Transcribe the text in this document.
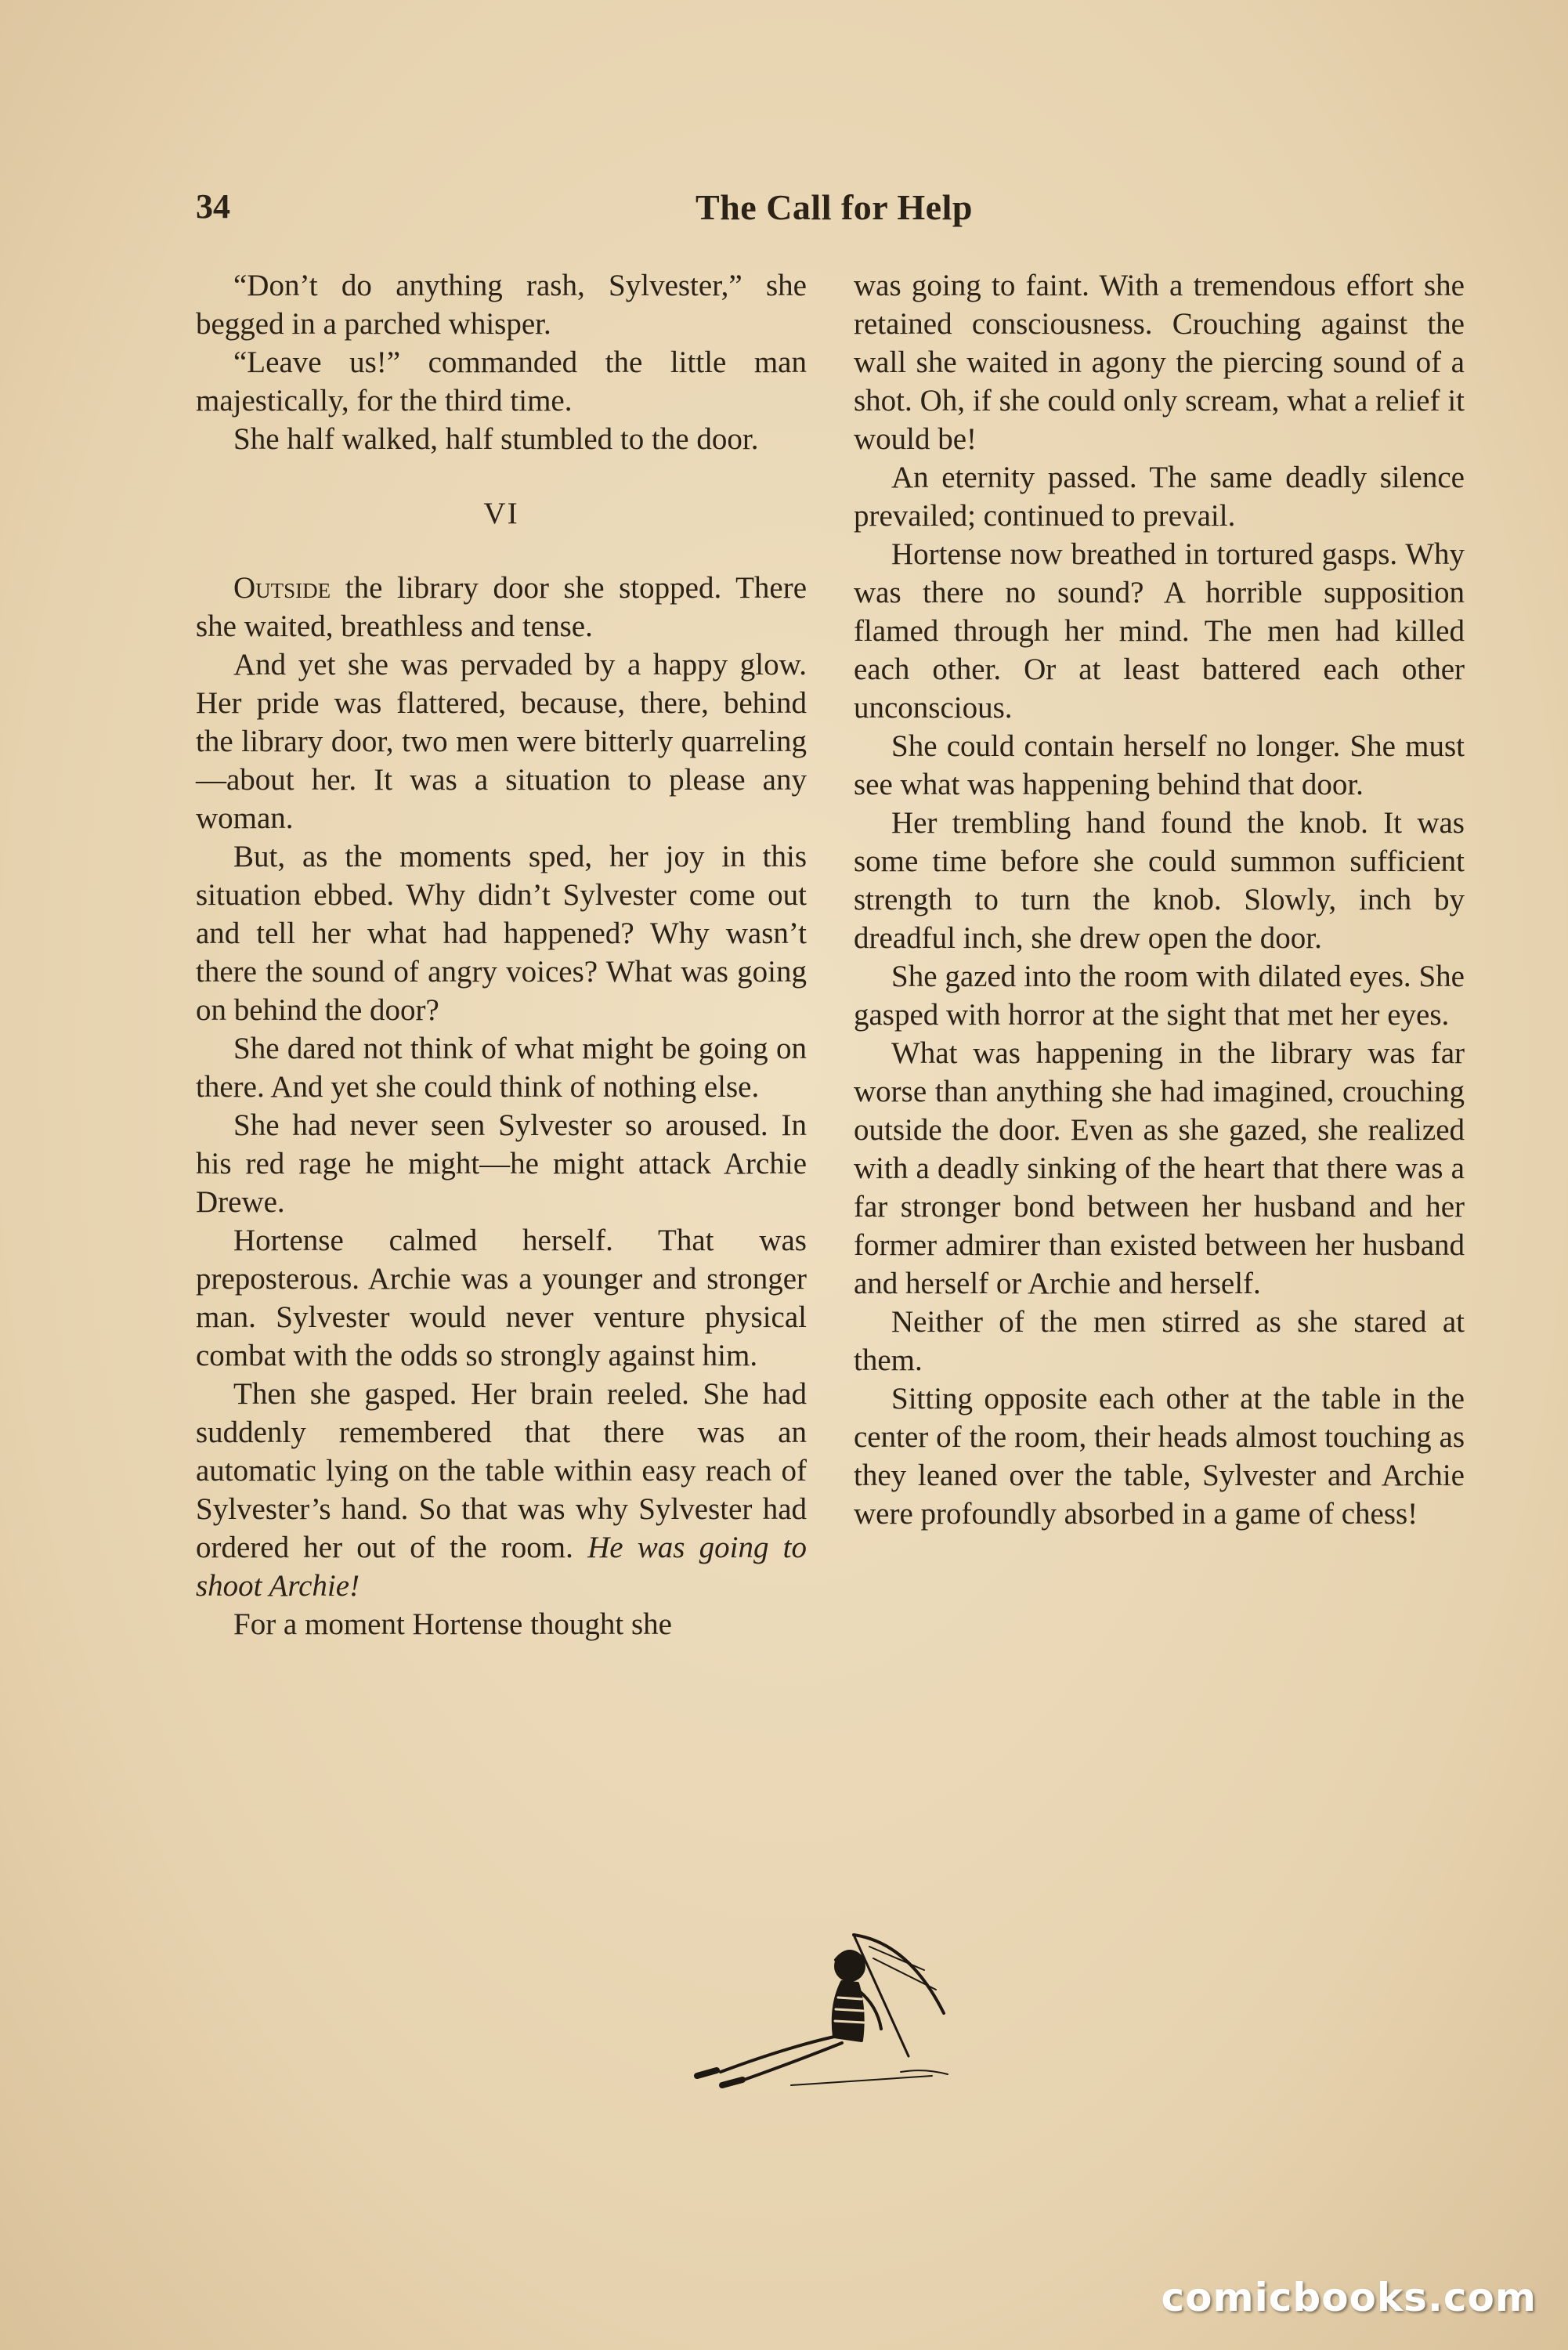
34	The Call for Help

“Don’t do anything rash, Sylvester,” she begged in a parched whisper.

“Leave us!” commanded the little man majestically, for the third time.

She half walked, half stumbled to the door.

VI

Outside the library door she stopped. There she waited, breathless and tense.

And yet she was pervaded by a happy glow. Her pride was flattered, because, there, behind the library door, two men were bitterly quarreling—about her. It was a situation to please any woman.

But, as the moments sped, her joy in this situation ebbed. Why didn’t Sylvester come out and tell her what had happened? Why wasn’t there the sound of angry voices? What was going on behind the door?

She dared not think of what might be going on there. And yet she could think of nothing else.

She had never seen Sylvester so aroused. In his red rage he might—he might attack Archie Drewe.

Hortense calmed herself. That was preposterous. Archie was a younger and stronger man. Sylvester would never venture physical combat with the odds so strongly against him.

Then she gasped. Her brain reeled. She had suddenly remembered that there was an automatic lying on the table within easy reach of Sylvester’s hand. So that was why Sylvester had ordered her out of the room. He was going to shoot Archie!

For a moment Hortense thought she

was going to faint. With a tremendous effort she retained consciousness. Crouching against the wall she waited in agony the piercing sound of a shot. Oh, if she could only scream, what a relief it would be!

An eternity passed. The same deadly silence prevailed; continued to prevail.

Hortense now breathed in tortured gasps. Why was there no sound? A horrible supposition flamed through her mind. The men had killed each other. Or at least battered each other unconscious.

She could contain herself no longer. She must see what was happening behind that door.

Her trembling hand found the knob. It was some time before she could summon sufficient strength to turn the knob. Slowly, inch by dreadful inch, she drew open the door.

She gazed into the room with dilated eyes. She gasped with horror at the sight that met her eyes.

What was happening in the library was far worse than anything she had imagined, crouching outside the door. Even as she gazed, she realized with a deadly sinking of the heart that there was a far stronger bond between her husband and her former admirer than existed between her husband and herself or Archie and herself.

Neither of the men stirred as she stared at them.

Sitting opposite each other at the table in the center of the room, their heads almost touching as they leaned over the table, Sylvester and Archie were profoundly absorbed in a game of chess!

comicbooks.com
